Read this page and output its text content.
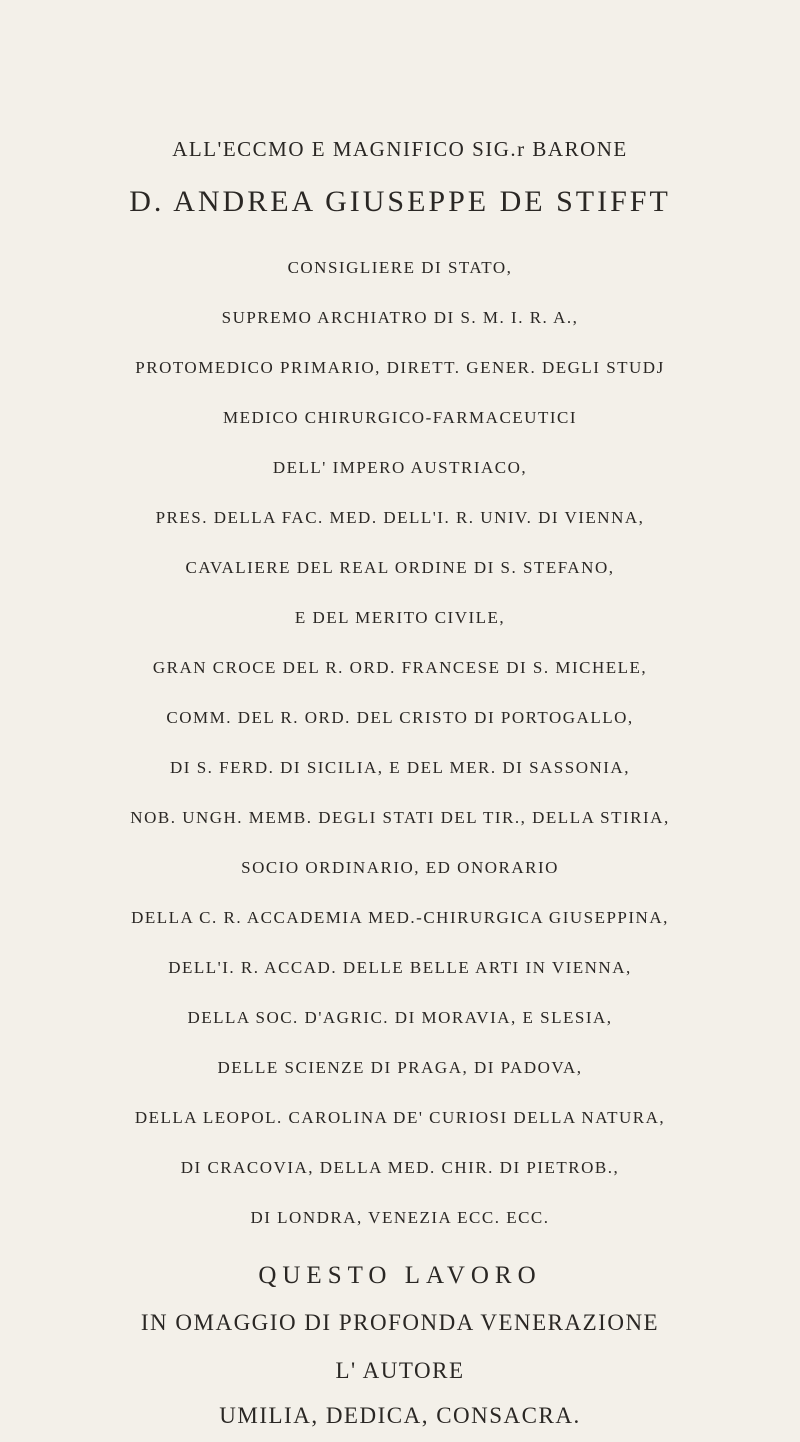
ALL'ECCMO E MAGNIFICO SIG.r BARONE
D. ANDREA GIUSEPPE DE STIFFT
CONSIGLIERE DI STATO,
SUPREMO ARCHIATRO DI S. M. I. R. A.,
PROTOMEDICO PRIMARIO, DIRETT. GENER. DEGLI STUDJ
MEDICO CHIRURGICO-FARMACEUTICI
DELL' IMPERO AUSTRIACO,
PRES. DELLA FAC. MED. DELL'I. R. UNIV. DI VIENNA,
CAVALIERE DEL REAL ORDINE DI S. STEFANO,
E DEL MERITO CIVILE,
GRAN CROCE DEL R. ORD. FRANCESE DI S. MICHELE,
COMM. DEL R. ORD. DEL CRISTO DI PORTOGALLO,
DI S. FERD. DI SICILIA, E DEL MER. DI SASSONIA,
NOB. UNGH. MEMB. DEGLI STATI DEL TIR., DELLA STIRIA,
SOCIO ORDINARIO, ED ONORARIO
DELLA C. R. ACCADEMIA MED.-CHIRURGICA GIUSEPPINA,
DELL'I. R. ACCAD. DELLE BELLE ARTI IN VIENNA,
DELLA SOC. D'AGRIC. DI MORAVIA, E SLESIA,
DELLE SCIENZE DI PRAGA, DI PADOVA,
DELLA LEOPOL. CAROLINA DE' CURIOSI DELLA NATURA,
DI CRACOVIA, DELLA MED. CHIR. DI PIETROB.,
DI LONDRA, VENEZIA ECC. ECC.
QUESTO LAVORO
IN OMAGGIO DI PROFONDA VENERAZIONE
L' AUTORE
UMILIA, DEDICA, CONSACRA.
